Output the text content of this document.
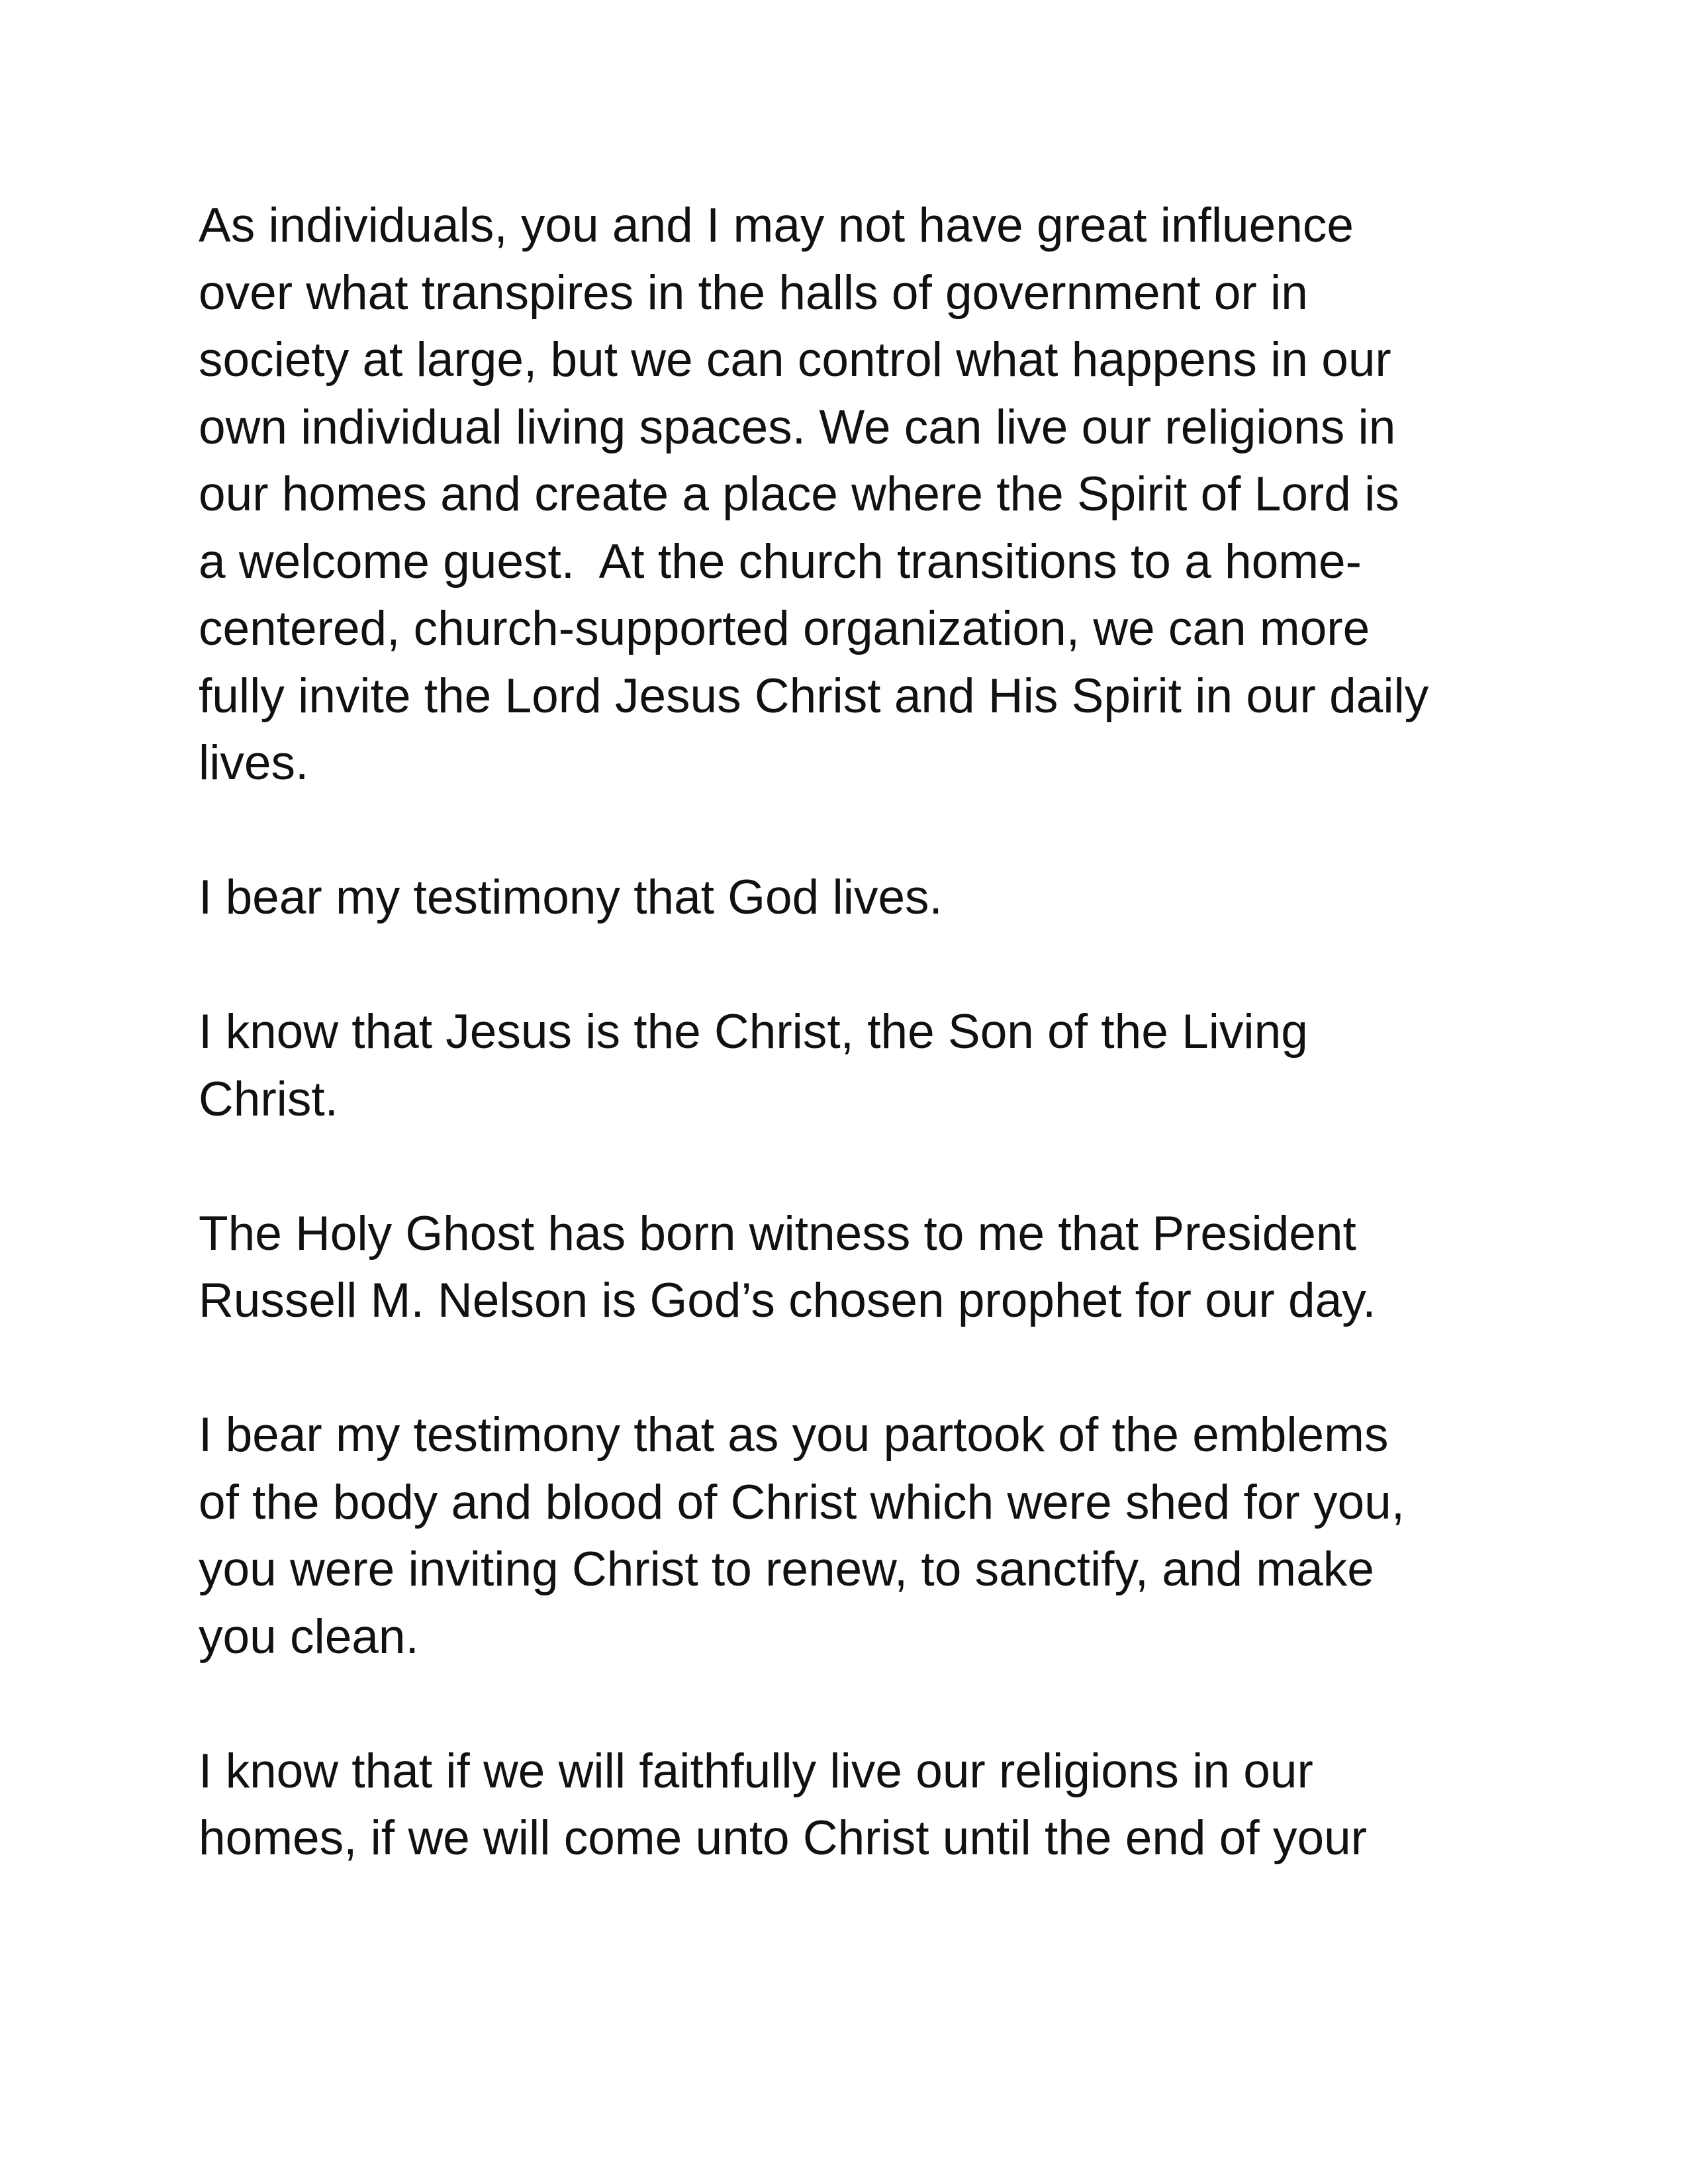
As individuals, you and I may not have great influence
over what transpires in the halls of government or in
society at large, but we can control what happens in our
own individual living spaces. We can live our religions in
our homes and create a place where the Spirit of Lord is
a welcome guest.  At the church transitions to a home-
centered, church-supported organization, we can more
fully invite the Lord Jesus Christ and His Spirit in our daily
lives.

I bear my testimony that God lives.

I know that Jesus is the Christ, the Son of the Living
Christ.

The Holy Ghost has born witness to me that President
Russell M. Nelson is God’s chosen prophet for our day.

I bear my testimony that as you partook of the emblems
of the body and blood of Christ which were shed for you,
you were inviting Christ to renew, to sanctify, and make
you clean.

I know that if we will faithfully live our religions in our
homes, if we will come unto Christ until the end of your
